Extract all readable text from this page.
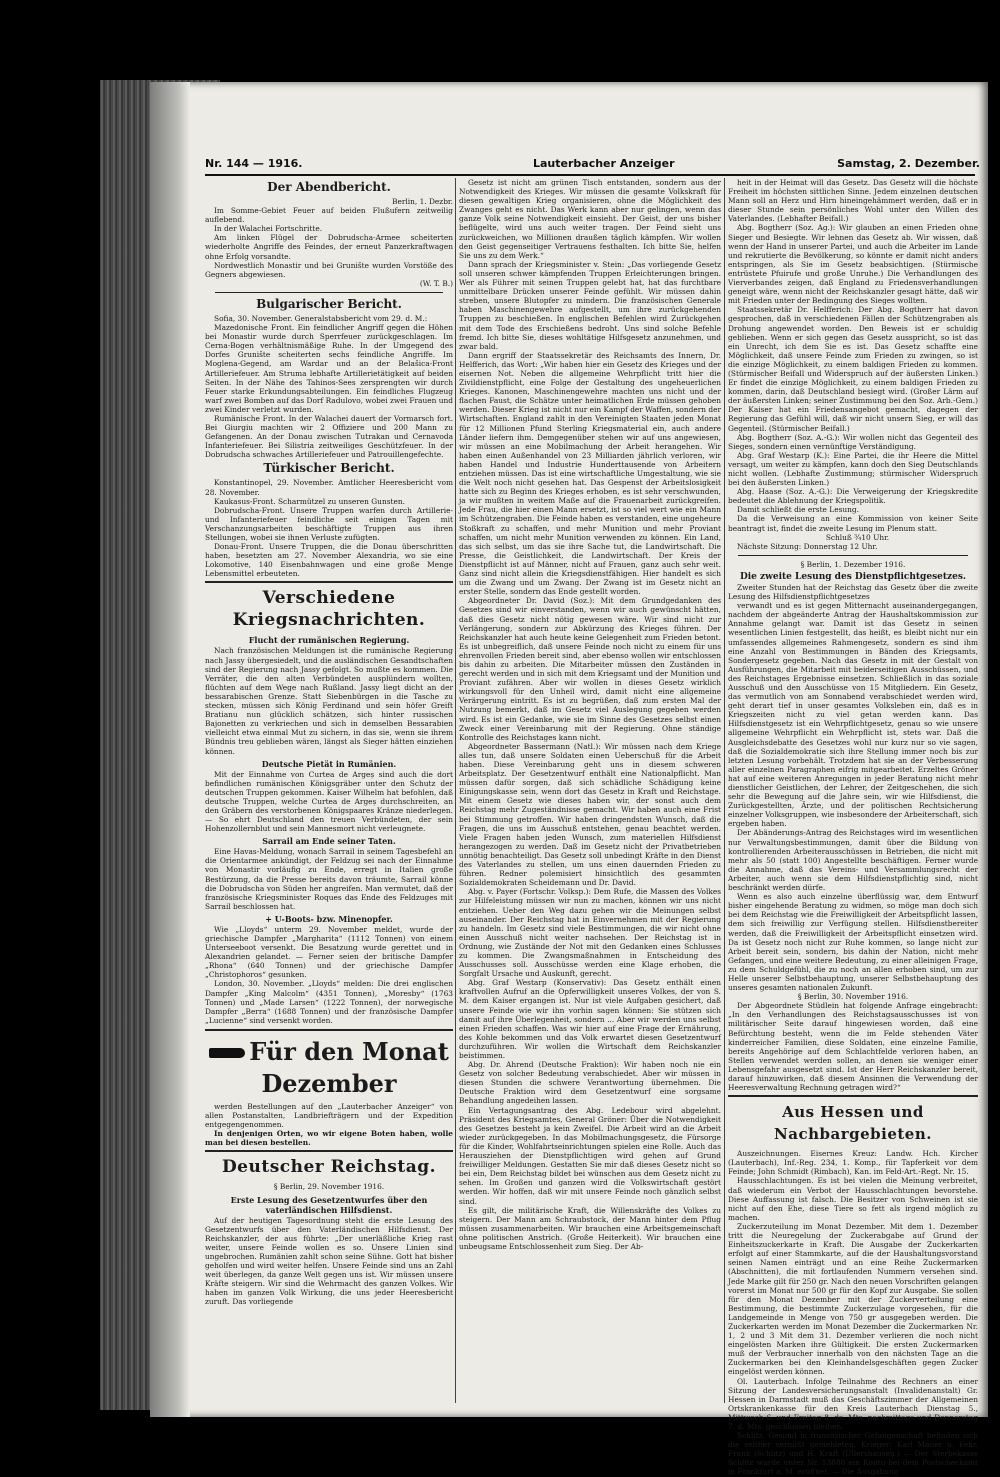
Nr. 144 — 1916.	Lauterbacher Anzeiger	Samstag, 2. Dezember.
Der Abendbericht.
Berlin, 1. Dezbr.

Im Somme-Gebiet Feuer auf beiden Flußufern zeitweilig auflebend.

In der Walachei Fortschritte.

Am linken Flügel der Dobrudscha-Armee scheiterten wiederholte Angriffe des Feindes, der erneut Panzerkraftwagen ohne Erfolg vorsandte.

Nordwestlich Monastir und bei Grunište wurden Vorstöße des Gegners abgewiesen.

(W. T. B.)
Bulgarischer Bericht.

Sofia, 30. November. Generalstabsbericht vom 29. d. M.:

Mazedonische Front. Ein feindlicher Angriff gegen die Höhen bei Monastir wurde durch Sperrfeuer zurückgeschlagen. Im Cerna-Bogen verhältnismäßige Ruhe. In der Umgegend des Dorfes Grunište scheiterten sechs feindliche Angriffe. Im Moglena-Gegend, am Wardar und an der Belašica-Front Artilleriefeuer. Am Struma lebhafte Artillerietätigkeit auf beiden Seiten. In der Nähe des Tahinos-Sees zersprengten wir durch Feuer starke Erkundungsabteilungen. Ein feindliches Flugzeug warf zwei Bomben auf das Dorf Radulovo, wobei zwei Frauen und zwei Kinder verletzt wurden.

Rumänische Front. In der Walachei dauert der Vormarsch fort. Bei Giurgiu machten wir 2 Offiziere und 200 Mann zu Gefangenen. An der Donau zwischen Tutrakan und Cernavoda Infanteriefeuer. Bei Silistria zeitweiliges Geschützfeuer. In der Dobrudscha schwaches Artilleriefeuer und Patrouillengefechte.

Türkischer Bericht.

Konstantinopel, 29. November. Amtlicher Heeresbericht vom 28. November.

Kaukasus-Front. Scharmützel zu unseren Gunsten.

Dobrudscha-Front. Unsere Truppen warfen durch Artillerie- und Infanteriefeuer feindliche seit einigen Tagen mit Verschanzungsarbeiten beschäftigte Truppen aus ihren Stellungen, wobei sie ihnen Verluste zufügten.

Donau-Front. Unsere Truppen, die die Donau überschritten haben, besetzten am 27. November Alexandria, wo sie eine Lokomotive, 140 Eisenbahnwagen und eine große Menge Lebensmittel erbeuteten.

Verschiedene Kriegsnachrichten.
Flucht der rumänischen Regierung.

Nach französischen Meldungen ist die rumänische Regierung nach Jassy übergesiedelt, und die ausländischen Gesandtschaften sind der Regierung nach Jassy gefolgt. So mußte es kommen. Die Verräter, die den alten Verbündeten ausplündern wollten, flüchten auf dem Wege nach Rußland. Jassy liegt dicht an der bessarabischen Grenze. Statt Siebenbürgen in die Tasche zu stecken, müssen sich König Ferdinand und sein höfer Greift Bratianu nun glücklich schätzen, sich hinter russischen Bajonetten zu verkriechen und sich in demselben Bessarabien vielleicht etwa einmal Mut zu sichern, in das sie, wenn sie ihrem Bündnis treu geblieben wären, längst als Sieger hätten einziehen können.

Deutsche Pietät in Rumänien.

Mit der Einnahme von Curtea de Argeș sind auch die dort befindlichen rumänischen Königsgräber unter den Schutz der deutschen Truppen gekommen. Kaiser Wilhelm hat befohlen, daß deutsche Truppen, welche Curtea de Argeș durchschreiten, an den Gräbern des verstorbenen Königspaares Kränze niederlegen. — So ehrt Deutschland den treuen Verbündeten, der sein Hohenzollernblut und sein Mannesmort nicht verleugnete.

Sarrail am Ende seiner Taten.

Eine Havas-Meldung, wonach Sarrail in seinem Tagesbefehl an die Orientarmee ankündigt, der Feldzug sei nach der Einnahme von Monastir vorläufig zu Ende, erregt in Italien große Bestürzung, da die Presse bereits davon träumte, Sarrail könne die Dobrudscha von Süden her angreifen. Man vermutet, daß der französische Kriegsminister Roques das Ende des Feldzuges mit Sarrail beschlossen hat.

+ U-Boots- bzw. Minenopfer.

Wie „Lloyds“ unterm 29. November meldet, wurde der griechische Dampfer „Margharita“ (1112 Tonnen) von einem Unterseeboot versenkt. Die Besatzung wurde gerettet und in Alexandrien gelandet. — Ferner seien der britische Dampfer „Rhona“ (640 Tonnen) und der griechische Dampfer „Christophoros“ gesunken.

London, 30. November. „Lloyds“ melden: Die drei englischen Dampfer „King Malcolm“ (4351 Tonnen), „Moresby“ (1763 Tonnen) und „Made Larsen“ (1222 Tonnen), der norwegische Dampfer „Berra“ (1688 Tonnen) und der französische Dampfer „Lucienne“ sind versenkt worden.

Für den Monat
Dezember

werden Bestellungen auf den „Lauterbacher Anzeiger“ von allen Postanstalten, Landbriefträgern und der Expedition entgegengenommen.

In denjenigen Orten, wo wir eigene Boten haben, wolle man bei diesen bestellen.

Deutscher Reichstag.
§ Berlin, 29. November 1916.
Erste Lesung des Gesetzentwurfes über den vaterländischen Hilfsdienst.

Auf der heutigen Tagesordnung steht die erste Lesung des Gesetzentwurfs über den Vaterländischen Hilfsdienst. Der Reichskanzler, der aus führte: „Der unerläßliche Krieg rast weiter, unsere Feinde wollen es so. Unsere Linien sind ungebrochen. Rumänien zahlt schon seine Sühne. Gott hat bisher geholfen und wird weiter helfen. Unsere Feinde sind uns an Zahl weit überlegen, da ganze Welt gegen uns ist. Wir müssen unsere Kräfte steigern. Wir sind die Wehrmacht des ganzen Volkes. Wir haben im ganzen Volk Wirkung, die uns jeder Heeresbericht zuruft. Das vorliegende

Gesetz ist nicht am grünen Tisch entstanden, sondern aus der Notwendigkeit des Krieges. Wir müssen die gesamte Volkskraft für diesen gewaltigen Krieg organisieren, ohne die Möglichkeit des Zwanges geht es nicht. Das Werk kann aber nur gelingen, wenn das ganze Volk seine Notwendigkeit einsieht. Der Geist, der uns bisher beflügelte, wird uns auch weiter tragen. Der Feind sieht uns zurückweichen, wo Millionen draußen täglich kämpfen. Wir wollen den Geist gegenseitiger Vertrauens festhalten. Ich bitte Sie, helfen Sie uns zu dem Werk.“

Dann sprach der Kriegsminister v. Stein: „Das vorliegende Gesetz soll unseren schwer kämpfenden Truppen Erleichterungen bringen. Wer als Führer mit seinen Truppen gelebt hat, hat das furchtbare unmittelbare Drücken unserer Feinde gefühlt. Wir müssen dahin streben, unsere Blutopfer zu mindern. Die französischen Generale haben Maschinengewehre aufgestellt, um ihre zurückgehenden Truppen zu beschießen. In englischen Befehlen wird Zurückgehen mit dem Tode des Erschießens bedroht. Uns sind solche Befehle fremd. Ich bitte Sie, dieses wohltätige Hilfsgesetz anzunehmen, und zwar bald.

Dann ergriff der Staatssekretär des Reichsamts des Innern, Dr. Helfferich, das Wort: „Wir haben hier ein Gesetz des Krieges und der eisernen Not. Neben die allgemeine Wehrpflicht tritt hier die Zivildienstpflicht, eine Folge der Gestaltung des ungeheuerlichen Krieges. Kanonen, Maschinengewehre machten uns nicht und der flachen Faust, die Schätze unter heimatlichen Erde müssen gehoben werden. Dieser Krieg ist nicht nur ein Kampf der Waffen, sondern der Wirtschaften. England zahlt in den Vereinigten Staaten jeden Monat für 12 Millionen Pfund Sterling Kriegsmaterial ein, auch andere Länder liefern ihm. Demgegenüber stehen wir auf uns angewiesen, wir müssen an eine Mobilmachung der Arbeit herangehen. Wir haben einen Außenhandel von 23 Milliarden jährlich verloren, wir haben Handel und Industrie Hunderttausende von Arbeitern entziehen müssen. Das ist eine wirtschaftliche Umgestaltung, wie sie die Welt noch nicht gesehen hat. Das Gespenst der Arbeitslosigkeit hatte sich zu Beginn des Krieges erhoben, es ist sehr verschwunden, ja wir mußten in weitem Maße auf die Frauenarbeit zurückgreifen. Jede Frau, die hier einen Mann ersetzt, ist so viel wert wie ein Mann im Schützengraben. Die Feinde haben es verstanden, eine ungeheure Stoßkraft zu schaffen, und mehr Munition und mehr Proviant schaffen, um nicht mehr Munition verwenden zu können. Ein Land, das sich selbst, um das sie ihre Sache tut, die Landwirtschaft. Die Presse, die Geistlichkeit, die Landwirtschaft. Der Kreis der Dienstpflicht ist auf Männer, nicht auf Frauen, ganz auch sehr weit. Ganz sind nicht allein die Kriegsdienstfähigen. Hier handelt es sich um die Zwang und um Zwang. Der Zwang ist im Gesetz nicht an erster Stelle, sondern das Ende gestellt worden.

Abgeordneter Dr. David (Soz.): Mit dem Grundgedanken des Gesetzes sind wir einverstanden, wenn wir auch gewünscht hätten, daß dies Gesetz nicht nötig gewesen wäre. Wir sind nicht zur Verlängerung, sondern zur Abkürzung des Krieges führen. Der Reichskanzler hat auch heute keine Gelegenheit zum Frieden betont. Es ist unbegreiflich, daß unsere Feinde noch nicht zu einem für uns ehrenvollen Frieden bereit sind, aber ebenso wollen wir entschlossen bis dahin zu arbeiten. Die Mitarbeiter müssen den Zuständen in gerecht werden und in sich mit dem Kriegsamt und der Munition und Proviant zufähren. Aber wir wollen in dieses Gesetz wirklich wirkungsvoll für den Unheil wird, damit nicht eine allgemeine Verärgerung eintritt. Es ist zu begrüßen, daß zum ersten Mal der Nutzung bemerkt, daß im Gesetz viel Auslegung gegeben werden wird. Es ist ein Gedanke, wie sie im Sinne des Gesetzes selbst einen Zweck einer Vereinbarung mit der Regierung. Ohne ständige Kontrolle des Reichstages kann nicht.

Abgeordneter Bassermann (Natl.): Wir müssen nach dem Kriege alles tun, daß unsere Soldaten einen Ueberschuß für die Arbeit haben. Diese Vereinbarung geht uns in diesem schweren Arbeitsplatz. Der Gesetzentwurf enthält eine Nationalpflicht. Man müssen dafür sorgen, daß sich schädliche Schädigung keine Einigungskasse sein, wenn dort das Gesetz in Kraft und Reichstage. Mit einem Gesetz wie dieses haben wir, der sonst auch dem Reichstag mehr Zugeständnisse gemacht. Wir haben auch eine Frist bei Stimmung getroffen. Wir haben dringendsten Wunsch, daß die Fragen, die uns im Ausschuß entstehen, genau beachtet werden. Viele Fragen haben jeden Wunsch, zum materiellen Hilfsdienst herangezogen zu werden. Daß im Gesetz nicht der Privatbetrieben unnötig benachteiligt. Das Gesetz soll unbedingt Kräfte in den Dienst des Vaterlandes zu stellen, um uns einen dauernden Frieden zu führen. Redner polemisiert hinsichtlich des gesammten Sozialdemokraten Scheidemann und Dr. David.

Abg. v. Payer (Fortschr. Volksp.): Dem Rufe, die Massen des Volkes zur Hilfeleistung müssen wir nun zu machen, können wir uns nicht entziehen. Ueber den Weg dazu gehen wir die Meinungen selbst auseinander. Der Reichstag hat in Einvernehmen mit der Regierung zu handeln. Im Gesetz sind viele Bestimmungen, die wir nicht ohne einen Ausschuß nicht weiter nachsehen. Der Reichstag ist in Ordnung, wie Zustände der Not mit den Gedanken eines Schlusses zu kommen. Die Zwangsmaßnahmen in Entscheidung des Ausschusses soll. Ausschüsse werden eine Klage erhoben, die Sorgfalt Ursache und Auskunft, gerecht.

Abg. Graf Westarp (Konservativ): Das Gesetz enthält einen kraftvollen Aufruf an die Opferwilligkeit unseres Volkes, der von S. M. dem Kaiser ergangen ist. Nur ist viele Aufgaben gesichert, daß unsere Feinde wie wir ihn vorhin sagen können: Sie stützen sich damit auf ihre Überlegenheit, sondern ... Aber wir werden uns selbst einen Frieden schaffen. Was wir hier auf eine Frage der Ernährung, des Kohle bekommen und das Volk erwartet diesen Gesetzentwurf durchzuführen. Wir wollen die Wirtschaft dem Reichskanzler beistimmen.

Abg. Dr. Ahrend (Deutsche Fraktion): Wir haben noch nie ein Gesetz von solcher Bedeutung verabschiedet. Aber wir müssen in diesen Stunden die schwere Verantwortung übernehmen. Die Deutsche Fraktion wird dem Gesetzentwurf eine sorgsame Behandlung angedeihen lassen.

Ein Vertagungsantrag des Abg. Ledebour wird abgelehnt. Präsident des Kriegsamtes, General Gröner: Über die Notwendigkeit des Gesetzes besteht ja kein Zweifel. Die Arbeit wird an die Arbeit wieder zurückgegeben. In das Mobilmachungsgesetz, die Fürsorge für die Kinder, Wohlfahrtseinrichtungen spielen eine Rolle. Auch das Herausziehen der Dienstpflichtigen wird gehen auf Grund freiwilliger Meldungen. Gestatten Sie mir daß dieses Gesetz nicht so bei ein, Dem Reichstag bildet bei wünschen aus dem Gesetz nicht zu sehen. Im Großen und ganzen wird die Volkswirtschaft gestört werden. Wir hoffen, daß wir mit unsere Feinde noch gänzlich selbst sind.

Es gilt, die militärische Kraft, die Willenskräfte des Volkes zu steigern. Der Mann am Schraubstock, der Mann hinter dem Pflug müssen zusammenarbeiten. Wir brauchen eine Arbeitsgemeinschaft ohne politischen Anstrich. (Große Heiterkeit). Wir brauchen eine unbeugsame Entschlossenheit zum Sieg. Der Ab-

heit in der Heimat will das Gesetz. Das Gesetz will die höchste Freiheit im höchsten sittlichen Sinne. Jedem einzelnen deutschen Mann soll an Herz und Hirn hineingehämmert werden, daß er in dieser Stunde sein persönliches Wohl unter den Willen des Vaterlandes. (Lebhafter Beifall.)

Abg. Bogtherr (Soz. Ag.): Wir glauben an einen Frieden ohne Sieger und Besiegte. Wir lehnen das Gesetz ab. Wir wissen, daß wenn der Hand in unserer Partei, und auch die Arbeiter im Lande und rekrutierte die Bevölkerung, so könnte er damit nicht anders entspringen, als Sie im Gesetz beabsichtigen. (Stürmische entrüstete Pfuirufe und große Unruhe.) Die Verhandlungen des Vierverbandes zeigen, daß England zu Friedensverhandlungen geneigt wäre, wenn nicht der Reichskanzler gesagt hätte, daß wir mit Frieden unter der Bedingung des Sieges wollten.

Staatssekretär Dr. Helfferich: Der Abg. Bogtherr hat davon gesprochen, daß in verschiedenen Fällen der Schützengraben als Drohung angewendet worden. Den Beweis ist er schuldig geblieben. Wenn er sich gegen das Gesetz ausspricht, so ist das ein Unrecht, ich dem Sie es ist. Das Gesetz schaffte eine Möglichkeit, daß unsere Feinde zum Frieden zu zwingen, so ist die einzige Möglichkeit, zu einem baldigen Frieden zu kommen. (Stürmischer Beifall und Widerspruch auf der äußersten Linken.) Er findet die einzige Möglichkeit, zu einem baldigen Frieden zu kommen, darin, daß Deutschland besiegt wird. (Großer Lärm auf der äußersten Linken; seiner Zustimmung bei den Soz. Arb.-Gem.) Der Kaiser hat ein Friedensangebot gemacht, dagegen der Regierung das Gefühl will, daß wir nicht unsern Sieg, er will das Gegenteil. (Stürmischer Beifall.)

Abg. Bogtherr (Soz. A.-G.): Wir wollen nicht das Gegenteil des Sieges, sondern einen vernünftige Verständigung.

Abg. Graf Westarp (K.): Eine Partei, die ihr Heere die Mittel versagt, um weiter zu kämpfen, kann doch den Sieg Deutschlands nicht wollen. (Lebhafte Zustimmung; stürmischer Widerspruch bei den äußersten Linken.)

Abg. Haase (Soz. A.-G.): Die Verweigerung der Kriegskredite bedeutet die Ablehnung der Kriegspolitik.

Damit schließt die erste Lesung.

Da die Verweisung an eine Kommission von keiner Seite beantragt ist, findet die zweite Lesung im Plenum statt.

Schluß ¾10 Uhr.

Nächste Sitzung: Donnerstag 12 Uhr.

§ Berlin, 1. Dezember 1916.
Die zweite Lesung des Dienstpflichtgesetzes.

Zweiter Stunden hat der Reichstag das Gesetz über die zweite Lesung des Hilfsdienstpflichtgesetzes

verwandt und es ist gegen Mitternacht auseinandergegangen, nachdem der abgeänderte Antrag der Haushaltskommission zur Annahme gelangt war. Damit ist das Gesetz in seinen wesentlichen Linien festgestellt, das heißt, es bleibt nicht nur ein umfassendes allgemeines Rahmengesetz, sondern es sind ihm eine Anzahl von Bestimmungen in Bänden des Kriegsamts, Sondergesetz gegeben. Nach das Gesetz in mit der Gestalt von Ausführungen, die Mitarbeit mit beiderseitigen Ausschüssen, und des Reichstages Ergebnisse einsetzen. Schließlich in das soziale Ausschuß und den Ausschüsse von 15 Mitgliedern. Ein Gesetz, das vermutlich von am Sonnabend verabschiedet werden wird, geht derart tief in unser gesamtes Volksleben ein, daß es in Kriegszeiten nicht zu viel getan werden kann. Das Hilfsdienstgesetz ist ein Wehrpflichtgesetz, genau so wie unsere allgemeine Wehrpflicht ein Wehrpflicht ist, stets war. Daß die Ausgleichsdebatte des Gesetzes wohl nur kurz nur so vie sagen, daß die Sozialdemokratie sich ihre Stellung immer noch bis zur letzten Lesung vorbehält. Trotzdem hat sie an der Verbesserung aller einzelnen Paragraphen eifrig mitgearbeitet. Erzeltes Gröner hat auf eine weiteren Anregungen in jeder Beratung nicht mehr dienstlicher Geistlichen, der Lehrer, der Zeitgeschehen, die sich sehr die Bewegung auf die Jahre sein, wir wie Hilfsdienst, die Zurückgestellten, Ärzte, und der politischen Rechtsicherung einzelner Volksgruppen, wie insbesondere der Arbeiterschaft, sich ergeben haben.

Der Abänderungs-Antrag des Reichstages wird im wesentlichen nur Verwaltungsbestimmungen, damit über die Bildung von kontrollierenden Arbeiterausschüssen in Betrieben, die nicht mit mehr als 50 (statt 100) Angestellte beschäftigen. Ferner wurde die Annahme, daß das Vereins- und Versammlungsrecht der Arbeiter, auch wenn sie dem Hilfsdienstpflichtig sind, nicht beschränkt werden dürfe.

Wenn es also auch einzelne überflüssig war, dem Entwurf bisher eingehende Beratung zu widmen, so möge man doch sich bei dem Reichstag wie die Freiwilligkeit der Arbeitspflicht lassen, dem sich freiwillig zur Verfügung stellen. Hilfsdienstbereiter werden, daß die Freiwilligkeit der Arbeitspflicht einsetzen wird. Da ist Gesetz noch nicht zur Ruhe kommen, so lange nicht zur Arbeit bereit sein, sondern, bis dahin der Nation, nicht mehr Gefangen, und eine weitere Bedeutung, zu einer alleinigen Frage, zu dem Schuldgefühl, die zu noch an allen erhoben sind, um zur Helle unserer Selbstbehauptung, unserer Selbstbehauptung des unseres gesamten nationalen Zukunft.

§ Berlin, 30. November 1916.

Der Abgeordnete Stüdlein hat folgende Anfrage eingebracht: „In den Verhandlungen des Reichstagsausschusses ist von militärischer Seite darauf hingewiesen worden, daß eine Befürchtung besteht, wenn die im Felde stehenden Väter kinderreicher Familien, diese Soldaten, eine einzelne Familie, bereits Angehörige auf dem Schlachtfelde verloren haben, an Stellen verwendet werden sollen, an denen sie weniger einer Lebensgefahr ausgesetzt sind. Ist der Herr Reichskanzler bereit, darauf hinzuwirken, daß diesem Ansinnen die Verwendung der Heeresverwaltung Rechnung getragen wird?“

Aus Hessen und Nachbargebieten.

Auszeichnungen. Eisernes Kreuz: Landw. Hch. Kircher (Lauterbach), Inf.-Reg. 234, 1. Komp., für Tapferkeit vor dem Feinde; John Schmidt (Rimbach), Kan. im Feld-Art.-Regt. Nr. 15.

Hausschlachtungen. Es ist bei vielen die Meinung verbreitet, daß wiederum ein Verbot der Hausschlachtungen bevorstehe. Diese Auffassung ist falsch. Die Besitzer von Schweinen ist sie nicht auf den Ehe, diese Tiere so fett als irgend möglich zu machen.

Zuckerzuteilung im Monat Dezember. Mit dem 1. Dezember tritt die Neuregelung der Zuckerabgabe auf Grund der Einheitszuckerkarte in Kraft. Die Ausgabe der Zuckerkarten erfolgt auf einer Stammkarte, auf die der Haushaltungsvorstand seinen Namen einträgt und an eine Reihe Zuckermarken (Abschnitten), die mit fortlaufenden Nummern versehen sind. Jede Marke gilt für 250 gr. Nach den neuen Vorschriften gelangen vorerst im Monat nur 500 gr für den Kopf zur Ausgabe. Sie sollen für den Monat Dezember mit der Zuckerverteilung eine Bestimmung, die bestimmte Zuckerzulage vorgesehen, für die Landgemeinde in Menge von 750 gr ausgegeben werden. Die Zuckerkarten werden im Monat Dezember die Zuckermarken Nr. 1, 2 und 3 Mit dem 31. Dezember verlieren die noch nicht eingelösten Marken ihre Gültigkeit. Die ersten Zuckermarken muß der Verbraucher innerhalb von den nächsten Tage an die Zuckermarken bei den Kleinhandelsgeschäften gegen Zucker eingelöst werden können.

Ol. Lauterbach. Infolge Teilnahme des Rechners an einer Sitzung der Landesversicherungsanstalt (Invalidenanstalt) Gr. Hessen in Darmstadt muß das Geschäftszimmer der Allgemeinen Ortskrankenkasse für den Kreis Lauterbach Dienstag 5., Mittwoch 6. und Freitag 8. ds. Mts. nachmittags und Donnerstag 7. d. Mts. geschlossen bleiben.

Schlitz. Gesund in französischer Gefangenschaft befinden sich die seither vermißt gemeldeten, Krieger: Karl Mauer u. Fehr. Frank (Schlitz) und H. Kraft (Üllershausen.) — Der Sterbekasse Schlitz wurde unter Nr. 13888 ein Konto bei dem Postscheckamt in Frankfurt a. M. eröffnet. — Die Ausgabung
